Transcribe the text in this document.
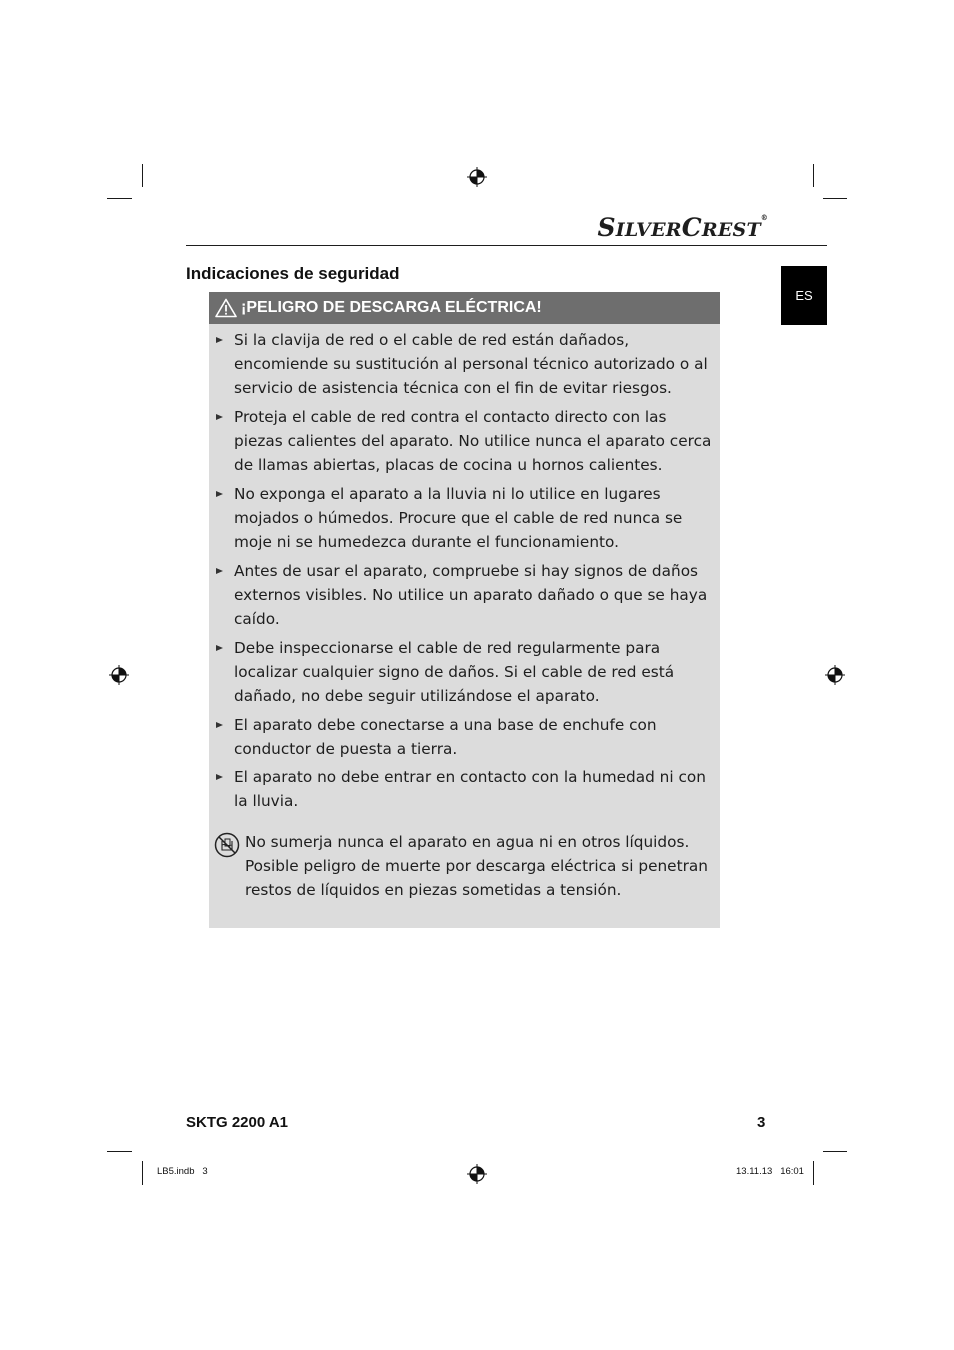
SILVERCREST®
ES
Indicaciones de seguridad
¡PELIGRO DE DESCARGA ELÉCTRICA!
Si la clavija de red o el cable de red están dañados, encomiende su sustitución al personal técnico autorizado o al servicio de asistencia técnica con el fin de evitar riesgos.
Proteja el cable de red contra el contacto directo con las piezas calientes del aparato. No utilice nunca el aparato cerca de llamas abiertas, placas de cocina u hornos calientes.
No exponga el aparato a la lluvia ni lo utilice en lugares mojados o húmedos. Procure que el cable de red nunca se moje ni se humedezca durante el funcionamiento.
Antes de usar el aparato, compruebe si hay signos de daños externos visibles. No utilice un aparato dañado o que se haya caído.
Debe inspeccionarse el cable de red regularmente para localizar cualquier signo de daños. Si el cable de red está dañado, no debe seguir utilizándose el aparato.
El aparato debe conectarse a una base de enchufe con conductor de puesta a tierra.
El aparato no debe entrar en contacto con la humedad ni con la lluvia.
No sumerja nunca el aparato en agua ni en otros líquidos. Posible peligro de muerte por descarga eléctrica si penetran restos de líquidos en piezas sometidas a tensión.
SKTG 2200 A1	3
LB5.indb   3	13.11.13   16:01
